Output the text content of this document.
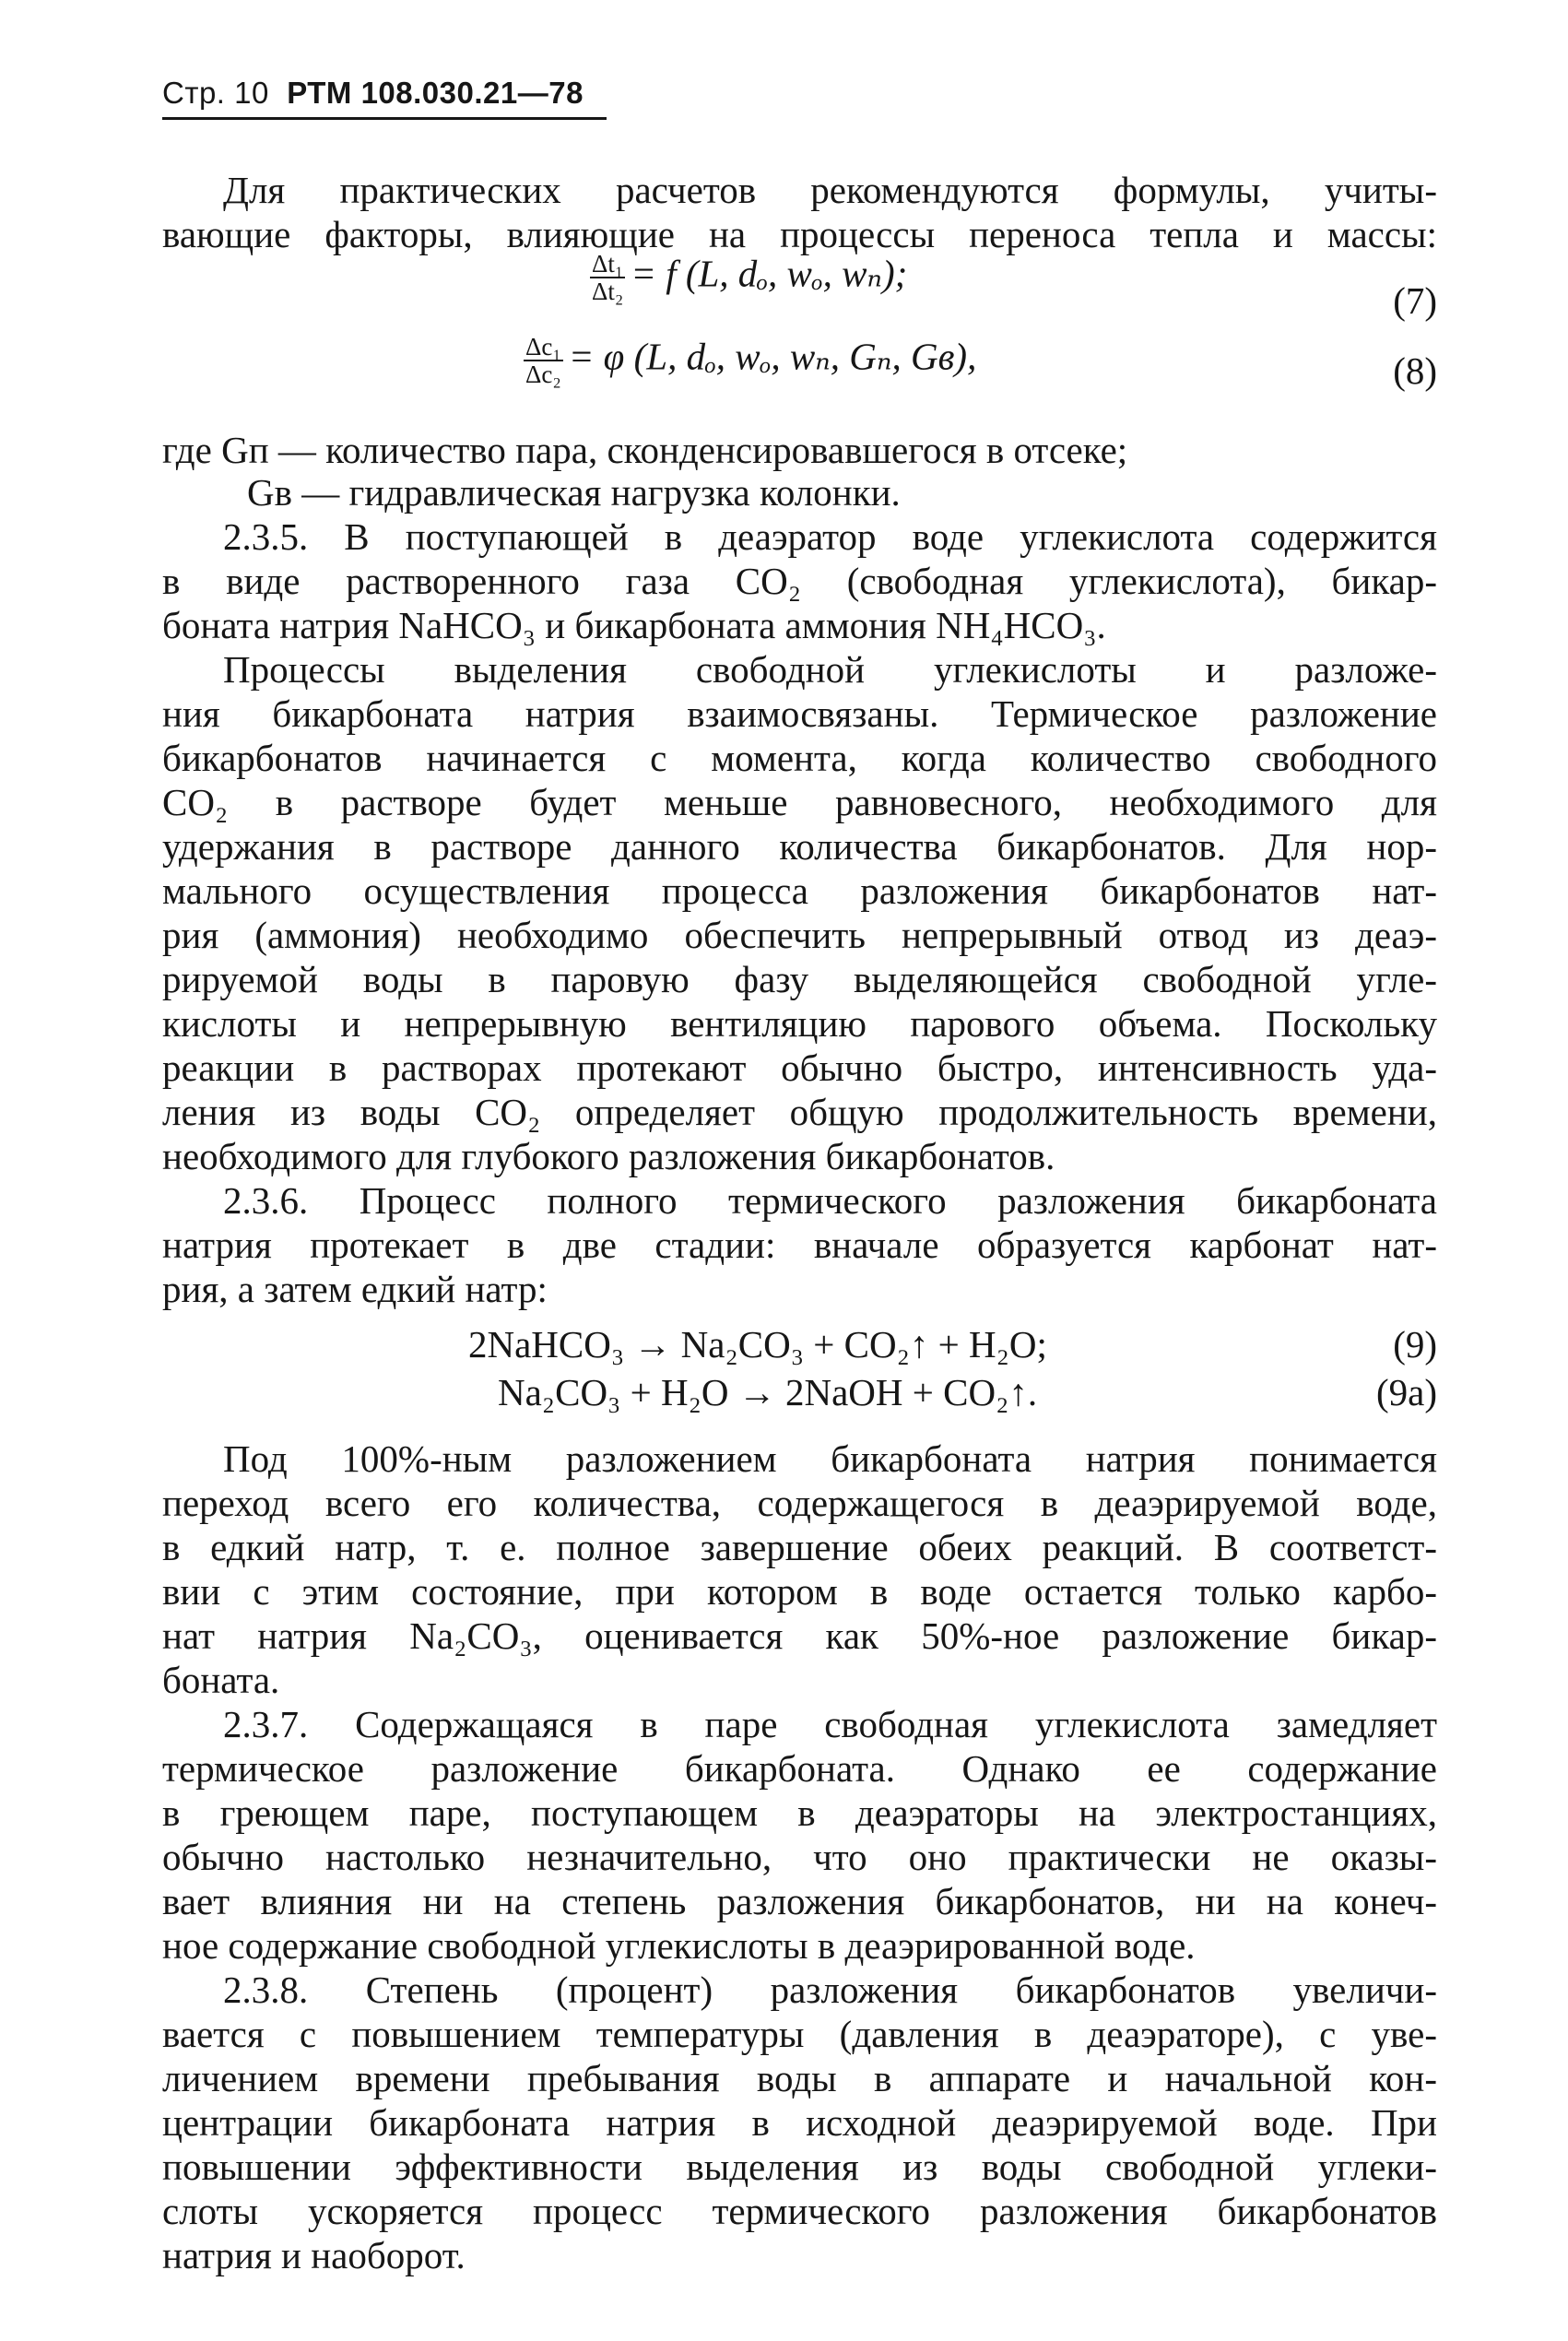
Стр. 10 РТМ 108.030.21—78
Для практических расчетов рекомендуются формулы, учиты-
вающие факторы, влияющие на процессы переноса тепла и массы:
$\frac{\text{Δt₁}}{\text{Δt₂}} = f$ (L, dₒ, wₒ, wₙ);
(7)
$\frac{\text{Δc₁}}{\text{Δc₂}} = \varphi$ (L, dₒ, wₒ, wₙ, Gₙ, Gв),	(8)
где Gп — количество пара, сконденсировавшегося в отсеке;
Gв — гидравлическая нагрузка колонки.
2.3.5. В поступающей в деаэратор воде углекислота содержится
в виде растворенного газа CO₂ (свободная углекислота), бикар-
боната натрия NaHCO₃ и бикарбоната аммония NH₄HCO₃.
Процессы выделения свободной углекислоты и разложе-
ния бикарбоната натрия взаимосвязаны. Термическое разложение
бикарбонатов начинается с момента, когда количество свободного
CO₂ в растворе будет меньше равновесного, необходимого для
удержания в растворе данного количества бикарбонатов. Для нор-
мального осуществления процесса разложения бикарбонатов нат-
рия (аммония) необходимо обеспечить непрерывный отвод из деаэ-
рируемой воды в паровую фазу выделяющейся свободной угле-
кислоты и непрерывную вентиляцию парового объема. Поскольку
реакции в растворах протекают обычно быстро, интенсивность уда-
ления из воды CO₂ определяет общую продолжительность времени,
необходимого для глубокого разложения бикарбонатов.
2.3.6. Процесс полного термического разложения бикарбоната
натрия протекает в две стадии: вначале образуется карбонат нат-
рия, а затем едкий натр:
2NaHCO₃ → Na₂CO₃ + CO₂↑ + H₂O;	(9)
Na₂CO₃ + H₂O → 2NaOH + CO₂↑.	(9a)
Под 100%-ным разложением бикарбоната натрия понимается
переход всего его количества, содержащегося в деаэрируемой воде,
в едкий натр, т. е. полное завершение обеих реакций. В соответст-
вии с этим состояние, при котором в воде остается только карбо-
нат натрия Na₂CO₃, оценивается как 50%-ное разложение бикар-
боната.
2.3.7. Содержащаяся в паре свободная углекислота замедляет
термическое разложение бикарбоната. Однако ее содержание
в греющем паре, поступающем в деаэраторы на электростанциях,
обычно настолько незначительно, что оно практически не оказы-
вает влияния ни на степень разложения бикарбонатов, ни на конеч-
ное содержание свободной углекислоты в деаэрированной воде.
2.3.8. Степень (процент) разложения бикарбонатов увеличи-
вается с повышением температуры (давления в деаэраторе), с уве-
личением времени пребывания воды в аппарате и начальной кон-
центрации бикарбоната натрия в исходной деаэрируемой воде. При
повышении эффективности выделения из воды свободной углеки-
слоты ускоряется процесс термического разложения бикарбонатов
натрия и наоборот.
